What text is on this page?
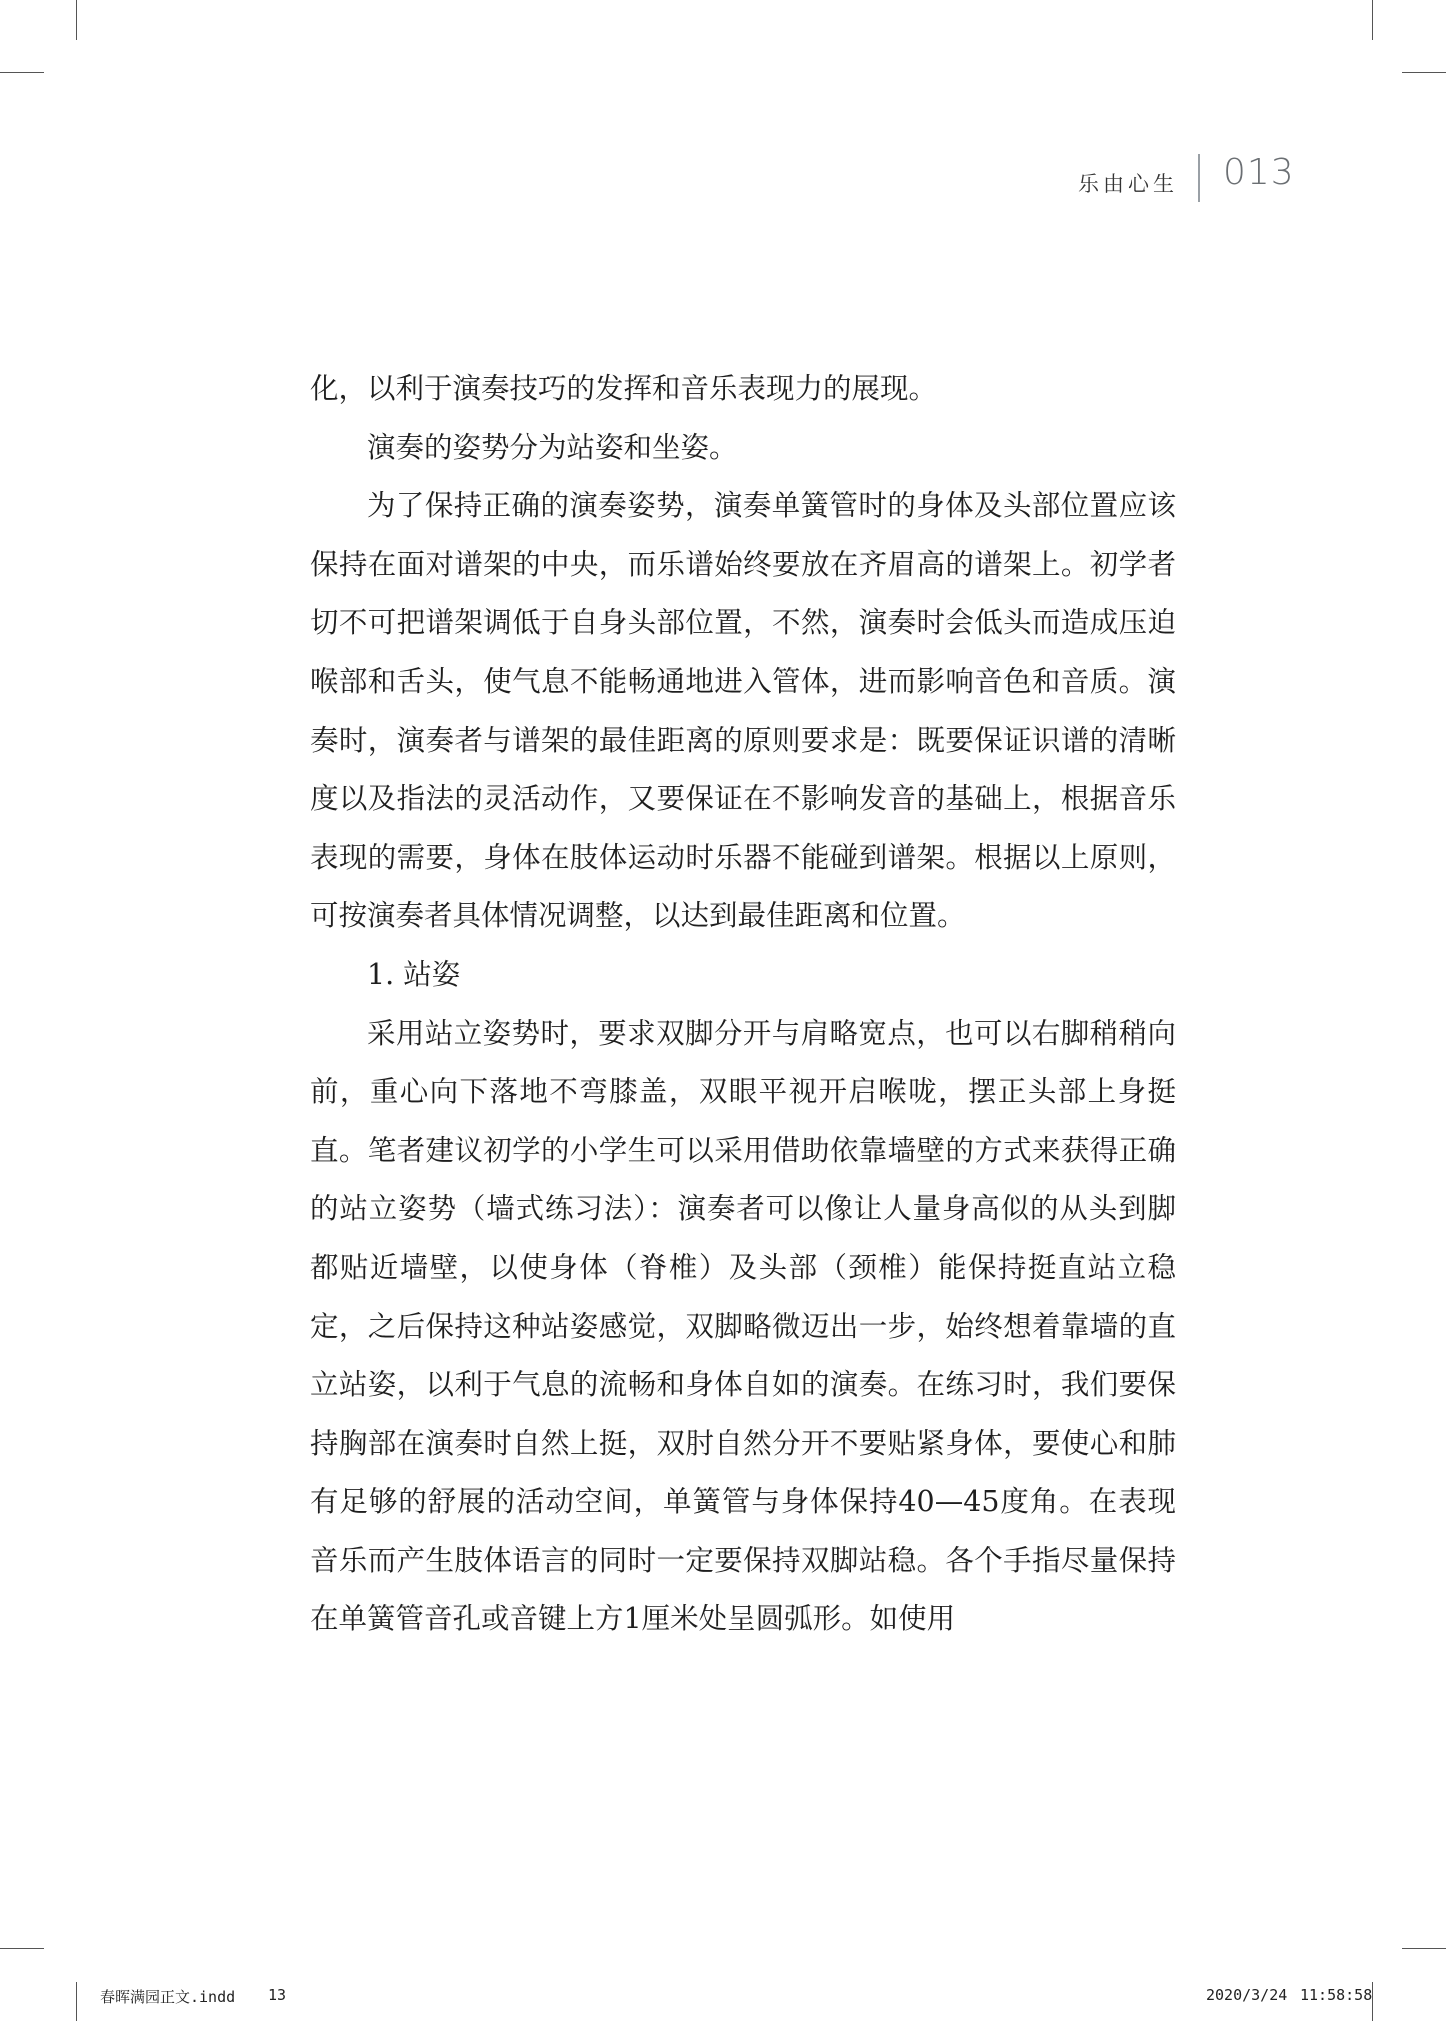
乐由心生 013

化，以利于演奏技巧的发挥和音乐表现力的展现。

演奏的姿势分为站姿和坐姿。

为了保持正确的演奏姿势，演奏单簧管时的身体及头部位置应该保持在面对谱架的中央，而乐谱始终要放在齐眉高的谱架上。初学者切不可把谱架调低于自身头部位置，不然，演奏时会低头而造成压迫喉部和舌头，使气息不能畅通地进入管体，进而影响音色和音质。演奏时，演奏者与谱架的最佳距离的原则要求是：既要保证识谱的清晰度以及指法的灵活动作，又要保证在不影响发音的基础上，根据音乐表现的需要，身体在肢体运动时乐器不能碰到谱架。根据以上原则，可按演奏者具体情况调整，以达到最佳距离和位置。

1. 站姿

采用站立姿势时，要求双脚分开与肩略宽点，也可以右脚稍稍向前，重心向下落地不弯膝盖，双眼平视开启喉咙，摆正头部上身挺直。笔者建议初学的小学生可以采用借助依靠墙壁的方式来获得正确的站立姿势（墙式练习法）：演奏者可以像让人量身高似的从头到脚都贴近墙壁，以使身体（脊椎）及头部（颈椎）能保持挺直站立稳定，之后保持这种站姿感觉，双脚略微迈出一步，始终想着靠墙的直立站姿，以利于气息的流畅和身体自如的演奏。在练习时，我们要保持胸部在演奏时自然上挺，双肘自然分开不要贴紧身体，要使心和肺有足够的舒展的活动空间，单簧管与身体保持40—45度角。在表现音乐而产生肢体语言的同时一定要保持双脚站稳。各个手指尽量保持在单簧管音孔或音键上方1厘米处呈圆弧形。如使用

春晖满园正文.indd 13	2020/3/24 11:58:58
